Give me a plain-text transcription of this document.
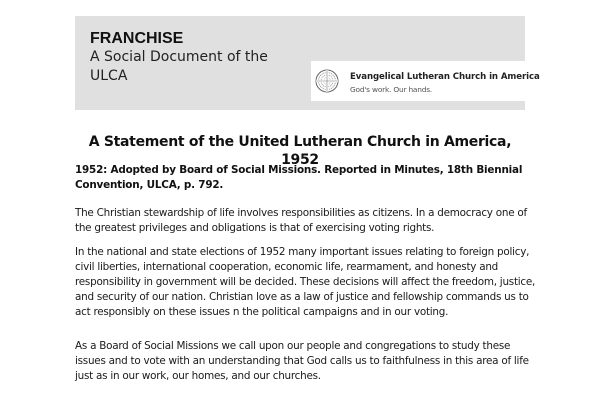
FRANCHISE

A Social Document of the

ULCA	Evangelical Lutheran Church in America
God's work. Our hands.
A Statement of the United Lutheran Church in America, 1952

1952: Adopted by Board of Social Missions. Reported in Minutes, 18th Biennial Convention, ULCA, p. 792.

The Christian stewardship of life involves responsibilities as citizens. In a democracy one of the greatest privileges and obligations is that of exercising voting rights.

In the national and state elections of 1952 many important issues relating to foreign policy, civil liberties, international cooperation, economic life, rearmament, and honesty and responsibility in government will be decided. These decisions will affect the freedom, justice, and security of our nation. Christian love as a law of justice and fellowship commands us to act responsibly on these issues n the political campaigns and in our voting.

As a Board of Social Missions we call upon our people and congregations to study these issues and to vote with an understanding that God calls us to faithfulness in this area of life just as in our work, our homes, and our churches.
